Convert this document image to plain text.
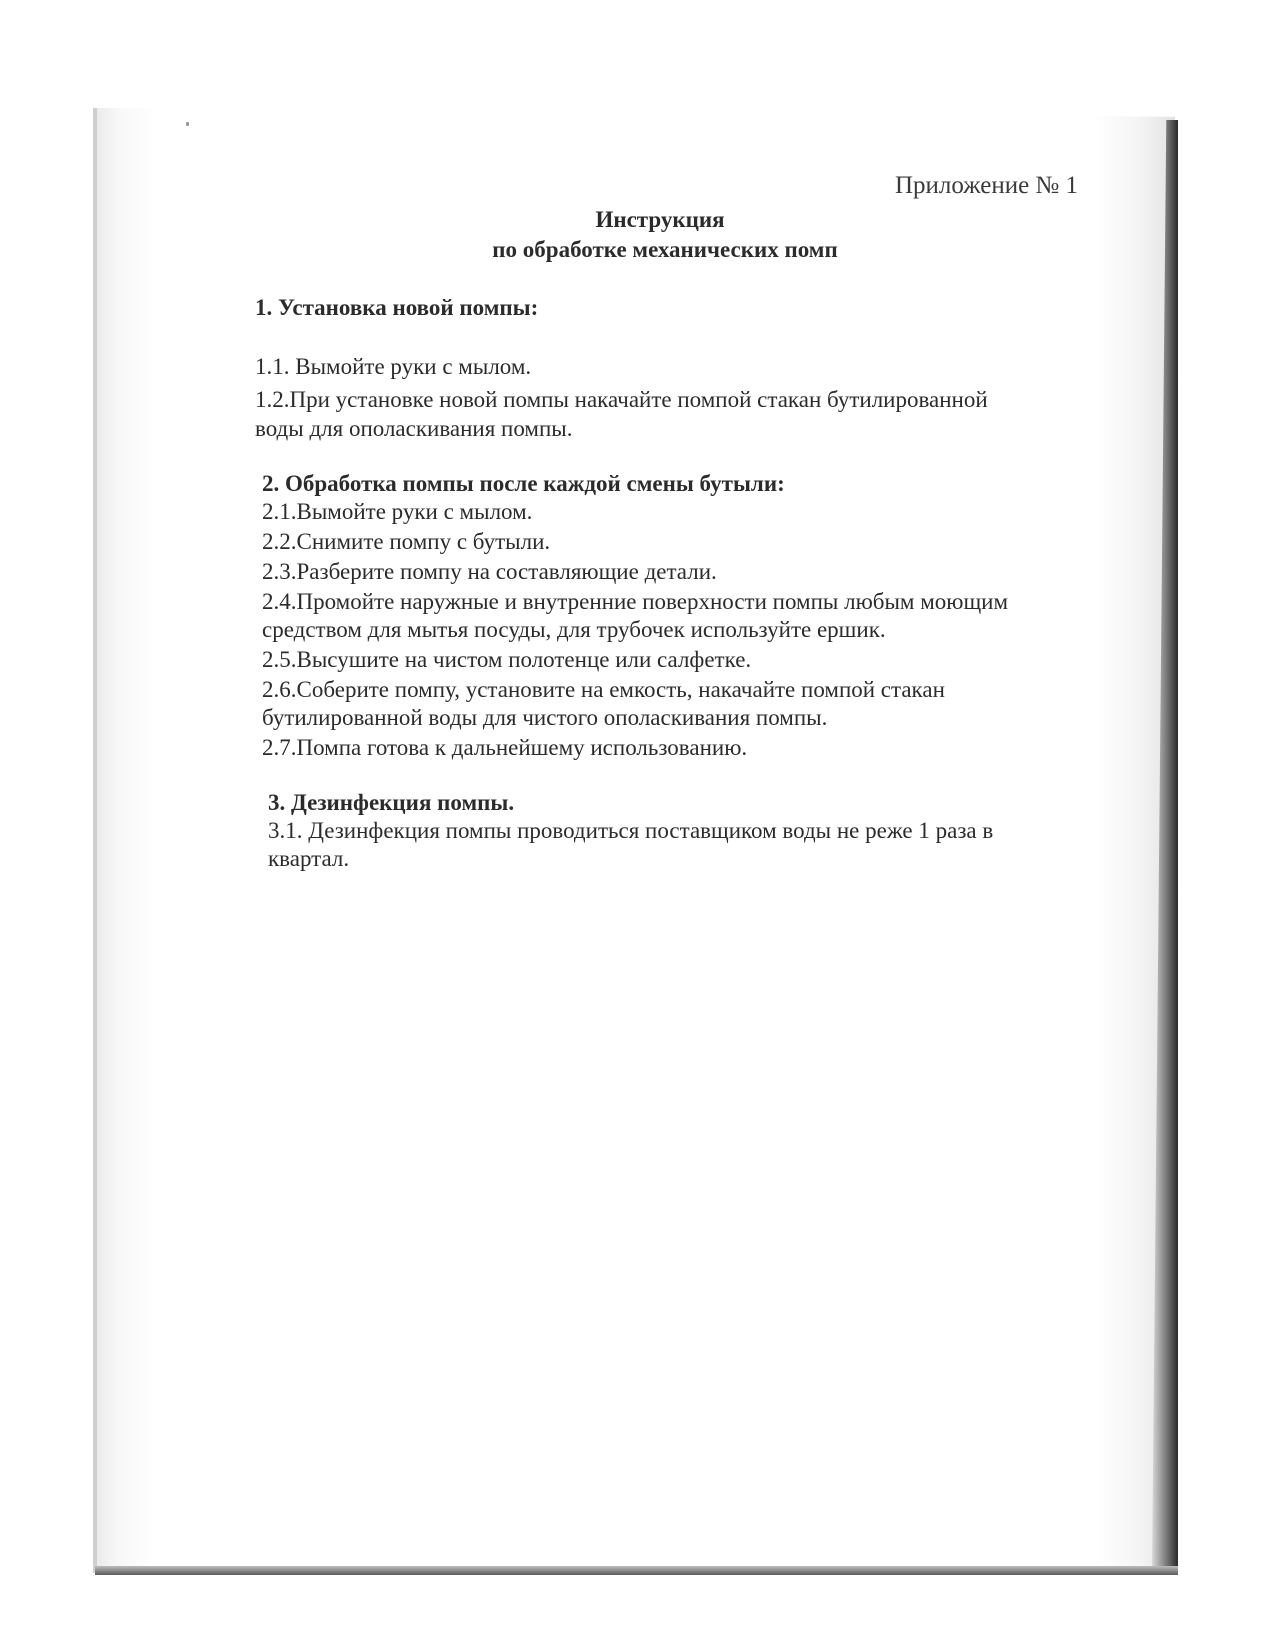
Приложение № 1
Инструкция
по обработке механических помп

1. Установка новой помпы:

1.1. Вымойте руки с мылом.

1.2.При установке новой помпы накачайте помпой стакан бутилированной
воды для ополаскивания помпы.

2. Обработка помпы после каждой смены бутыли:

2.1.Вымойте руки с мылом.

2.2.Снимите помпу с бутыли.

2.3.Разберите помпу на составляющие детали.

2.4.Промойте наружные и внутренние поверхности помпы любым моющим
средством для мытья посуды, для трубочек используйте ершик.

2.5.Высушите на чистом полотенце или салфетке.

2.6.Соберите помпу, установите на емкость, накачайте помпой стакан
бутилированной воды для чистого ополаскивания помпы.

2.7.Помпа готова к дальнейшему использованию.

3. Дезинфекция помпы.

3.1. Дезинфекция помпы проводиться поставщиком воды не реже 1 раза в
квартал.
